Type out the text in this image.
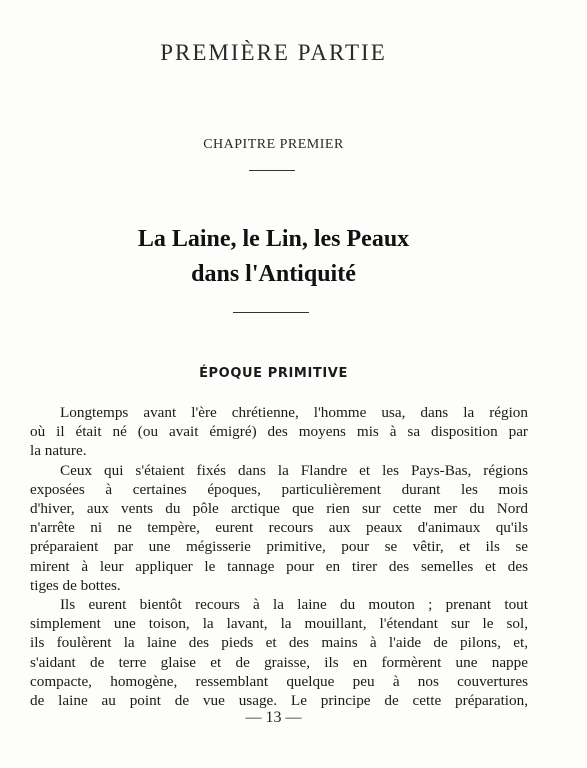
PREMIÈRE PARTIE
CHAPITRE PREMIER
La Laine, le Lin, les Peaux
dans l'Antiquité
ÉPOQUE PRIMITIVE

Longtemps avant l'ère chrétienne, l'homme usa, dans la région
où il était né (ou avait émigré) des moyens mis à sa disposition par
la nature.

Ceux qui s'étaient fixés dans la Flandre et les Pays-Bas, régions
exposées à certaines époques, particulièrement durant les mois
d'hiver, aux vents du pôle arctique que rien sur cette mer du Nord
n'arrête ni ne tempère, eurent recours aux peaux d'animaux qu'ils
préparaient par une mégisserie primitive, pour se vêtir, et ils se
mirent à leur appliquer le tannage pour en tirer des semelles et des
tiges de bottes.

Ils eurent bientôt recours à la laine du mouton ; prenant tout
simplement une toison, la lavant, la mouillant, l'étendant sur le sol,
ils foulèrent la laine des pieds et des mains à l'aide de pilons, et,
s'aidant de terre glaise et de graisse, ils en formèrent une nappe
compacte, homogène, ressemblant quelque peu à nos couvertures
de laine au point de vue usage. Le principe de cette préparation,

— 13 —
